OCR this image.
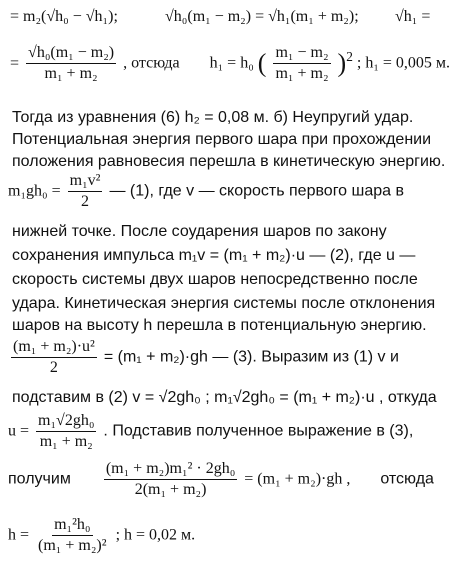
= m₂(√h₀ − √h₁);	√h₀(m₁ − m₂) = √h₁(m₁ + m₂); √h₁ =
= $\frac{\text{√h₀(m₁ − m₂)}}{\text{m₁ + m₂}}$ , отсюда h₁ = h₀ ( $\frac{\text{m₁ − m₂}}{\text{m₁ + m₂}} )^2$ ; h₁ = 0,005 м.
Тогда из уравнения (6) h₂ = 0,08 м. б) Неупругий удар.
Потенциальная энергия первого шара при прохождении
положения равновесия перешла в кинетическую энергию.
$m_1gh_0 = \frac{\text{m₁v²}}{2}$ — (1), где v — скорость первого шара в
нижней точке. После соударения шаров по закону
сохранения импульса m₁v = (m₁ + m₂)·u — (2), где u —
скорость системы двух шаров непосредственно после
удара. Кинетическая энергия системы после отклонения
шаров на высоту h перешла в потенциальную энергию.
$\frac{\text{(m₁ + m₂)·u²}}{2} = (m_1 + m_2)\cdot gh$ — (3). Выразим из (1) v и
подставим в (2) v = √2gh₀ ; m₁√2gh₀ = (m₁ + m₂)·u , откуда
$u = \frac{\text{m₁√2gh₀}}{\text{m₁ + m₂}}$ . Подставив полученное выражение в (3),
получим $\frac{\text{(m₁ + m₂)m₁² · 2gh₀}}{\text{2(m₁ + m₂)}} = (m_1 + m_2)\cdot gh$ , отсюда
$h = \frac{\text{m₁²h₀}}{\text{(m₁ + m₂)²}}$ ; h = 0,02 м.
